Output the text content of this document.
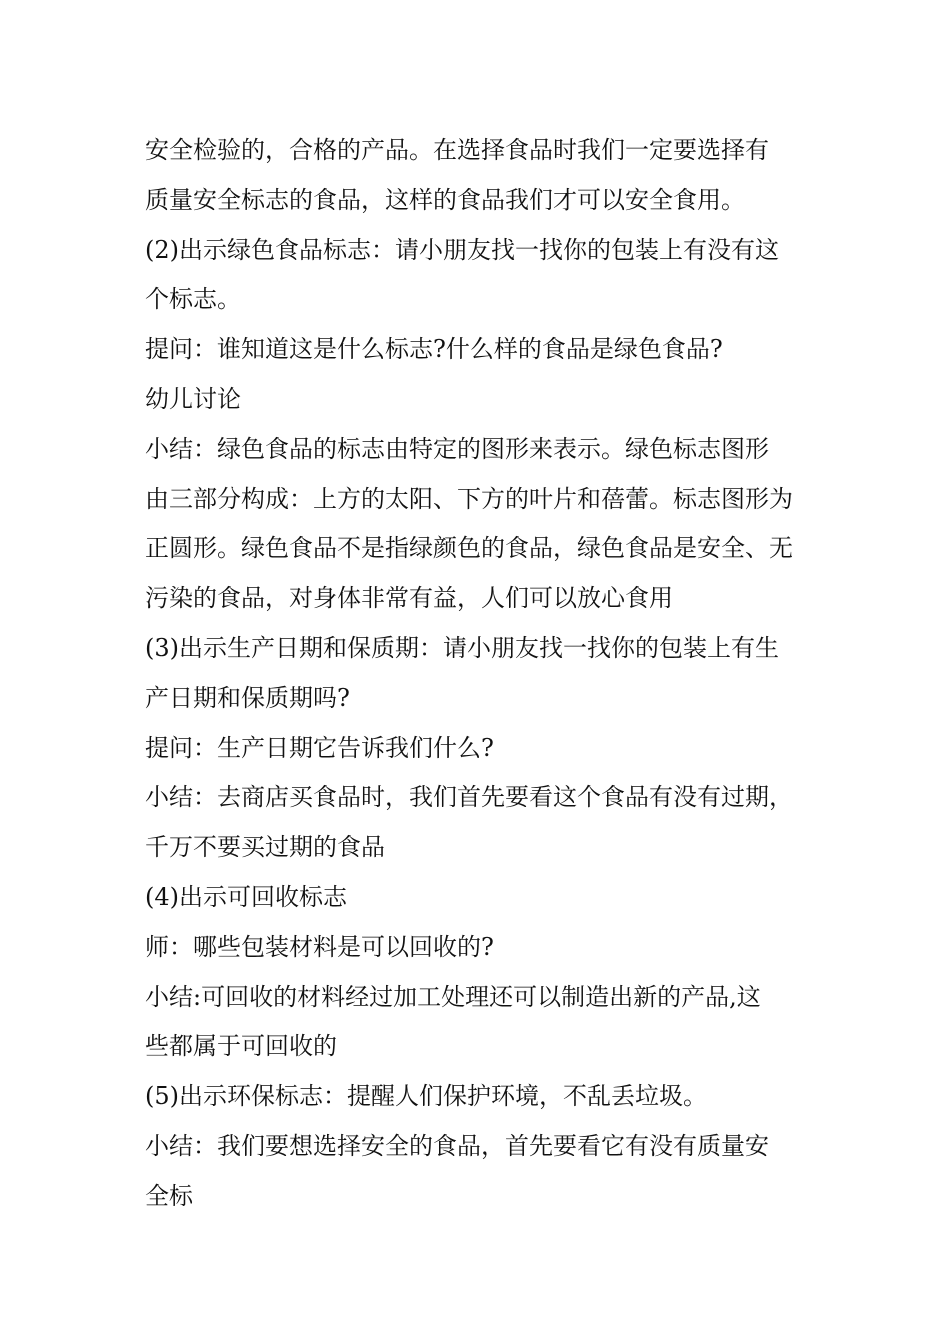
安全检验的，合格的产品。在选择食品时我们一定要选择有
质量安全标志的食品，这样的食品我们才可以安全食用。
(2)出示绿色食品标志：请小朋友找一找你的包装上有没有这
个标志。
提问：谁知道这是什么标志?什么样的食品是绿色食品?
幼儿讨论
小结：绿色食品的标志由特定的图形来表示。绿色标志图形
由三部分构成：上方的太阳、下方的叶片和蓓蕾。标志图形为
正圆形。绿色食品不是指绿颜色的食品，绿色食品是安全、无
污染的食品，对身体非常有益，人们可以放心食用
(3)出示生产日期和保质期：请小朋友找一找你的包装上有生
产日期和保质期吗?
提问：生产日期它告诉我们什么?
小结：去商店买食品时，我们首先要看这个食品有没有过期，
千万不要买过期的食品
(4)出示可回收标志
师：哪些包装材料是可以回收的?
小结:可回收的材料经过加工处理还可以制造出新的产品,这
些都属于可回收的
(5)出示环保标志：提醒人们保护环境，不乱丢垃圾。
小结：我们要想选择安全的食品，首先要看它有没有质量安
全标
